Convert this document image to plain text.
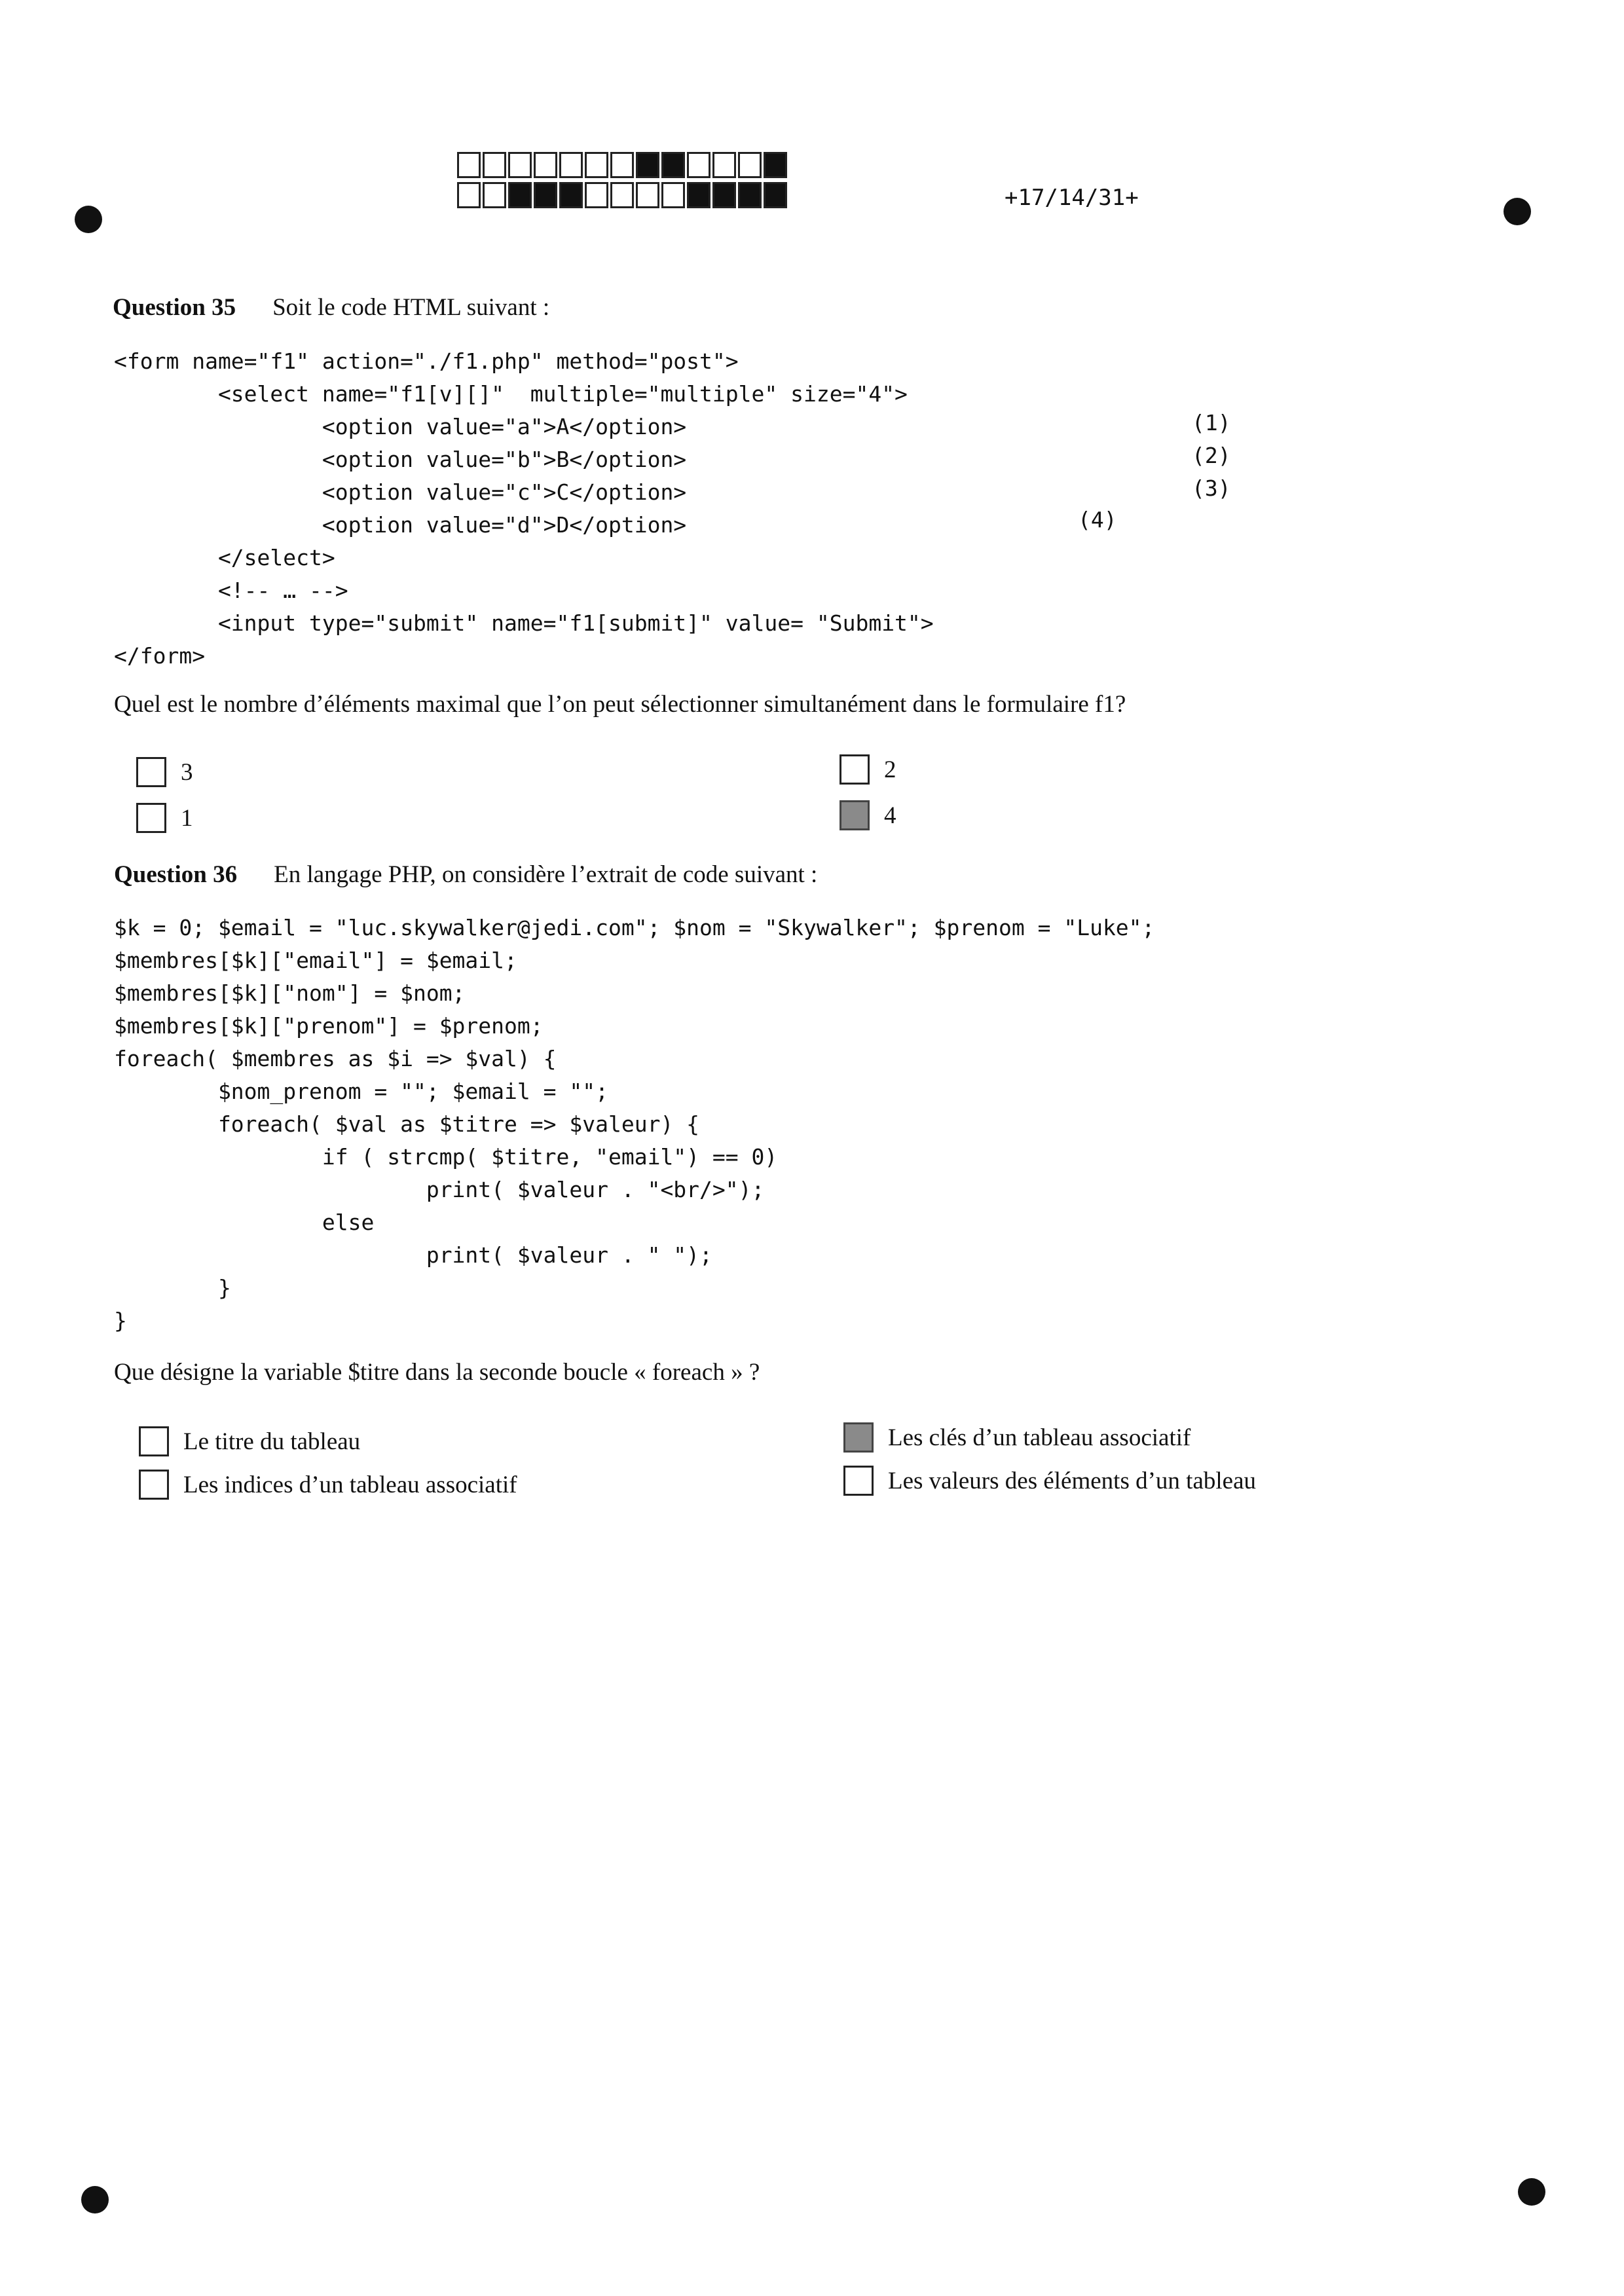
+17/14/31+
Question 35 Soit le code HTML suivant :
<form name="f1" action="./f1.php" method="post">
<select name="f1[v][]"  multiple="multiple" size="4">
<option value="a">A</option>
<option value="b">B</option>
<option value="c">C</option>
<option value="d">D</option>
</select>
<!-- … -->
<input type="submit" name="f1[submit]" value= "Submit">
</form>
(1)
(2)
(3)
(4)
Quel est le nombre d’éléments maximal que l’on peut sélectionner simultanément dans le formulaire f1?
3	2
1	4
Question 36 En langage PHP, on considère l’extrait de code suivant :
$k = 0; $email = "luc.skywalker@jedi.com"; $nom = "Skywalker"; $prenom = "Luke";
$membres[$k]["email"] = $email;
$membres[$k]["nom"] = $nom;
$membres[$k]["prenom"] = $prenom;
foreach( $membres as $i => $val) {
$nom_prenom = ""; $email = "";
foreach( $val as $titre => $valeur) {
if ( strcmp( $titre, "email") == 0)
print( $valeur . "<br/>");
else
print( $valeur . " ");
}
}
Que désigne la variable $titre dans la seconde boucle « foreach » ?
Le titre du tableau	Les clés d’un tableau associatif
Les indices d’un tableau associatif	Les valeurs des éléments d’un tableau
